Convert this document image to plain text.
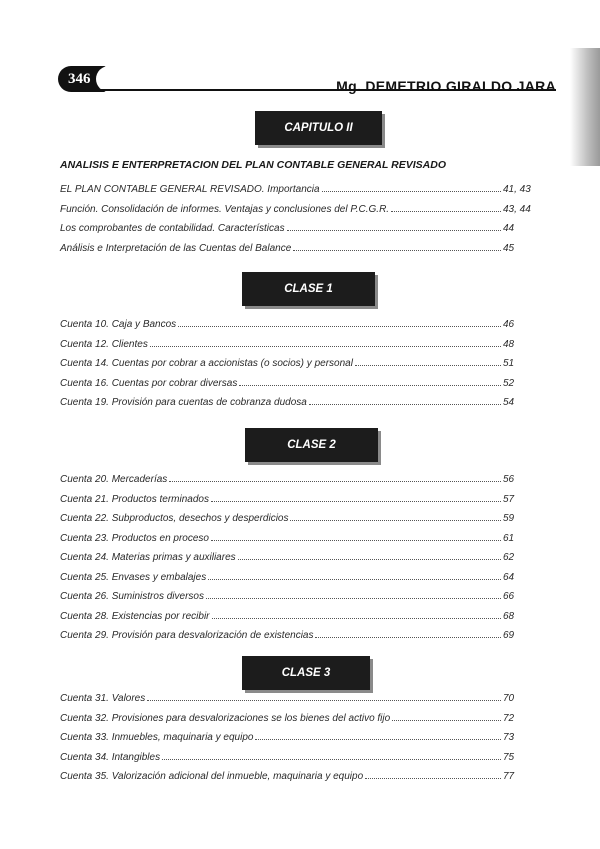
346	Mg. DEMETRIO GIRALDO JARA
CAPITULO II
ANALISIS E ENTERPRETACION DEL PLAN CONTABLE GENERAL REVISADO
EL PLAN CONTABLE GENERAL REVISADO. Importancia	41, 43
Función. Consolidación de informes. Ventajas y conclusiones del P.C.G.R.	43, 44
Los comprobantes de contabilidad. Características	44
Análisis e Interpretación de las Cuentas del Balance	45
CLASE 1
Cuenta 10. Caja y Bancos	46
Cuenta 12. Clientes	48
Cuenta 14. Cuentas por cobrar a accionistas (o socios) y personal	51
Cuenta 16. Cuentas por cobrar diversas	52
Cuenta 19. Provisión para cuentas de cobranza dudosa	54
CLASE 2
Cuenta 20. Mercaderías	56
Cuenta 21. Productos terminados	57
Cuenta 22. Subproductos, desechos y desperdicios	59
Cuenta 23. Productos en proceso	61
Cuenta 24. Materias primas y auxiliares	62
Cuenta 25. Envases y embalajes	64
Cuenta 26. Suministros diversos	66
Cuenta 28. Existencias por recibir	68
Cuenta 29. Provisión para desvalorización de existencias	69
CLASE 3
Cuenta 31. Valores	70
Cuenta 32. Provisiones para desvalorizaciones se los bienes del activo fijo	72
Cuenta 33. Inmuebles, maquinaria y equipo	73
Cuenta 34. Intangibles	75
Cuenta 35. Valorización adicional del inmueble, maquinaria y equipo	77
